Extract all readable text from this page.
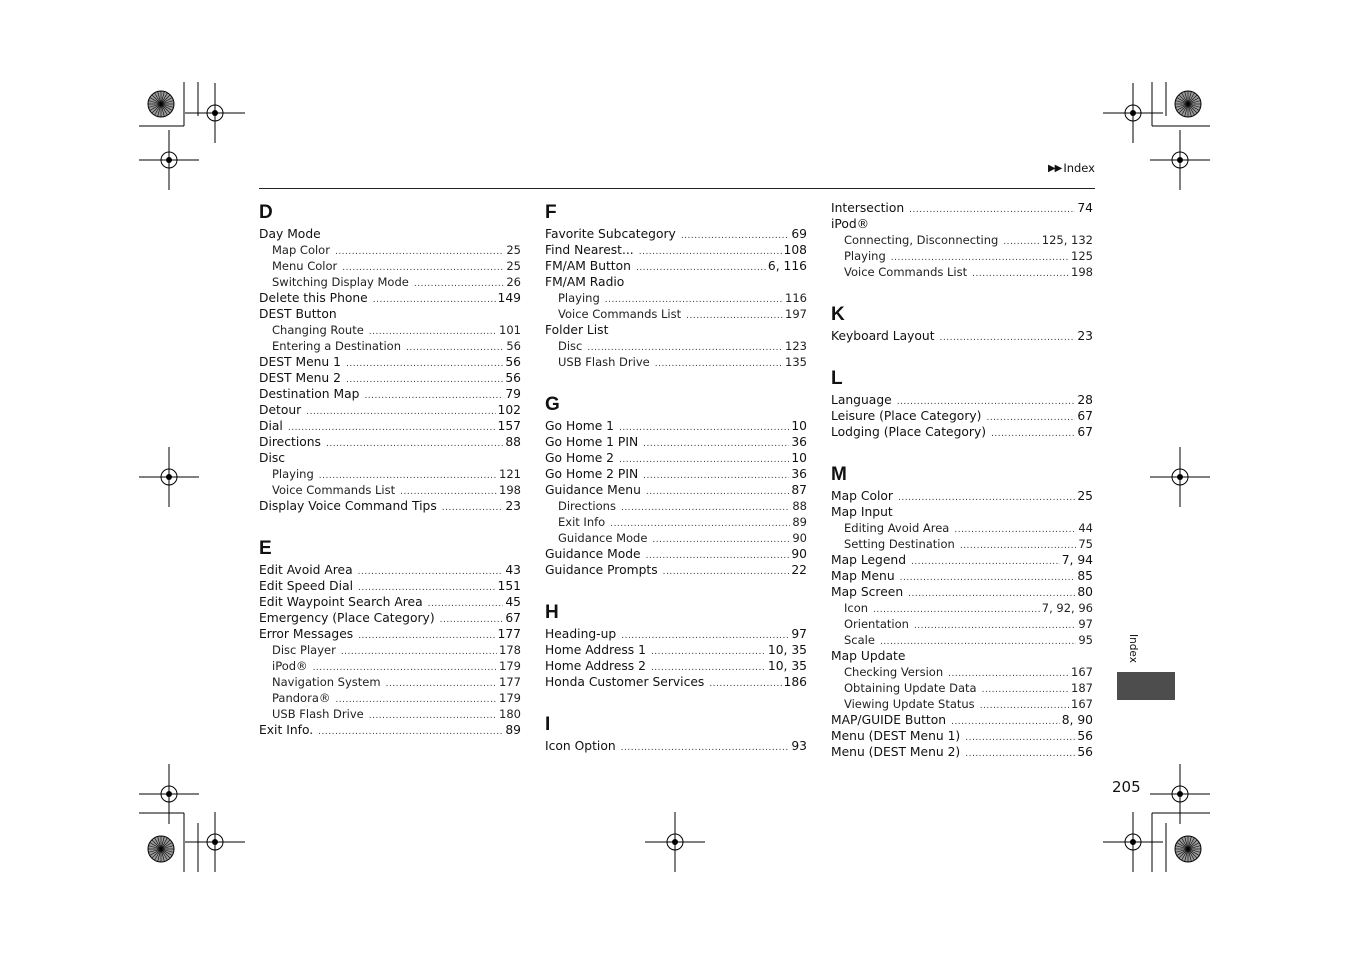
▶▶ Index
D
Day Mode
Map Color .....	25
Menu Color .....	25
Switching Display Mode .....	26
Delete this Phone .....	149
DEST Button
Changing Route .....	101
Entering a Destination .....	56
DEST Menu 1 .....	56
DEST Menu 2 .....	56
Destination Map .....	79
Detour .....	102
Dial .....	157
Directions .....	88
Disc
Playing .....	121
Voice Commands List .....	198
Display Voice Command Tips .....	23
E
Edit Avoid Area .....	43
Edit Speed Dial .....	151
Edit Waypoint Search Area .....	45
Emergency (Place Category) .....	67
Error Messages .....	177
Disc Player .....	178
iPod® .....	179
Navigation System .....	177
Pandora® .....	179
USB Flash Drive .....	180
Exit Info. .....	89
F
Favorite Subcategory .....	69
Find Nearest... .....	108
FM/AM Button .....	6, 116
FM/AM Radio
Playing .....	116
Voice Commands List .....	197
Folder List
Disc .....	123
USB Flash Drive .....	135
G
Go Home 1 .....	10
Go Home 1 PIN .....	36
Go Home 2 .....	10
Go Home 2 PIN .....	36
Guidance Menu .....	87
Directions .....	88
Exit Info .....	89
Guidance Mode .....	90
Guidance Mode .....	90
Guidance Prompts .....	22
H
Heading-up .....	97
Home Address 1 .....	10, 35
Home Address 2 .....	10, 35
Honda Customer Services .....	186
I
Icon Option .....	93
Intersection .....	74
iPod®
Connecting, Disconnecting .....	125, 132
Playing .....	125
Voice Commands List .....	198
K
Keyboard Layout .....	23
L
Language .....	28
Leisure (Place Category) .....	67
Lodging (Place Category) .....	67
M
Map Color .....	25
Map Input
Editing Avoid Area .....	44
Setting Destination .....	75
Map Legend .....	7, 94
Map Menu .....	85
Map Screen .....	80
Icon .....	7, 92, 96
Orientation .....	97
Scale .....	95
Map Update
Checking Version .....	167
Obtaining Update Data .....	187
Viewing Update Status .....	167
MAP/GUIDE Button .....	8, 90
Menu (DEST Menu 1) .....	56
Menu (DEST Menu 2) .....	56
Index
205
